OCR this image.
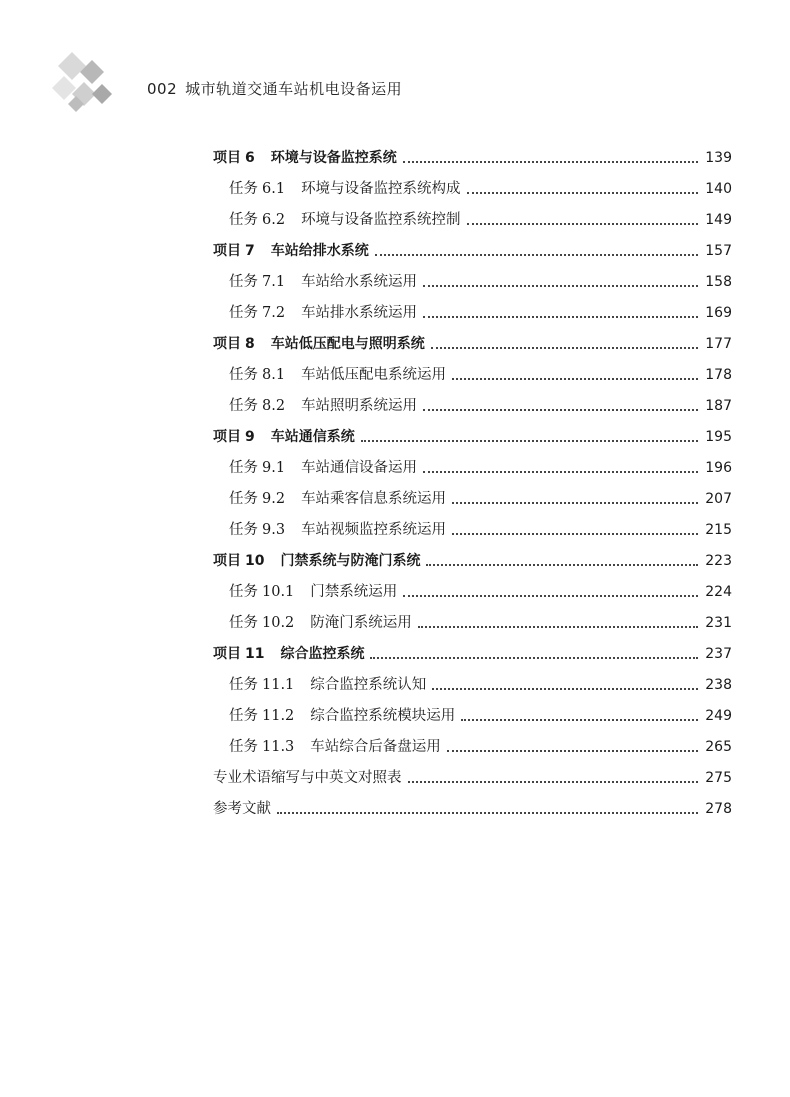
002 城市轨道交通车站机电设备运用
项目 6 环境与设备监控系统	139
任务 6.1 环境与设备监控系统构成	140
任务 6.2 环境与设备监控系统控制	149
项目 7 车站给排水系统	157
任务 7.1 车站给水系统运用	158
任务 7.2 车站排水系统运用	169
项目 8 车站低压配电与照明系统	177
任务 8.1 车站低压配电系统运用	178
任务 8.2 车站照明系统运用	187
项目 9 车站通信系统	195
任务 9.1 车站通信设备运用	196
任务 9.2 车站乘客信息系统运用	207
任务 9.3 车站视频监控系统运用	215
项目 10 门禁系统与防淹门系统	223
任务 10.1 门禁系统运用	224
任务 10.2 防淹门系统运用	231
项目 11 综合监控系统	237
任务 11.1 综合监控系统认知	238
任务 11.2 综合监控系统模块运用	249
任务 11.3 车站综合后备盘运用	265
专业术语缩写与中英文对照表	275
参考文献	278
